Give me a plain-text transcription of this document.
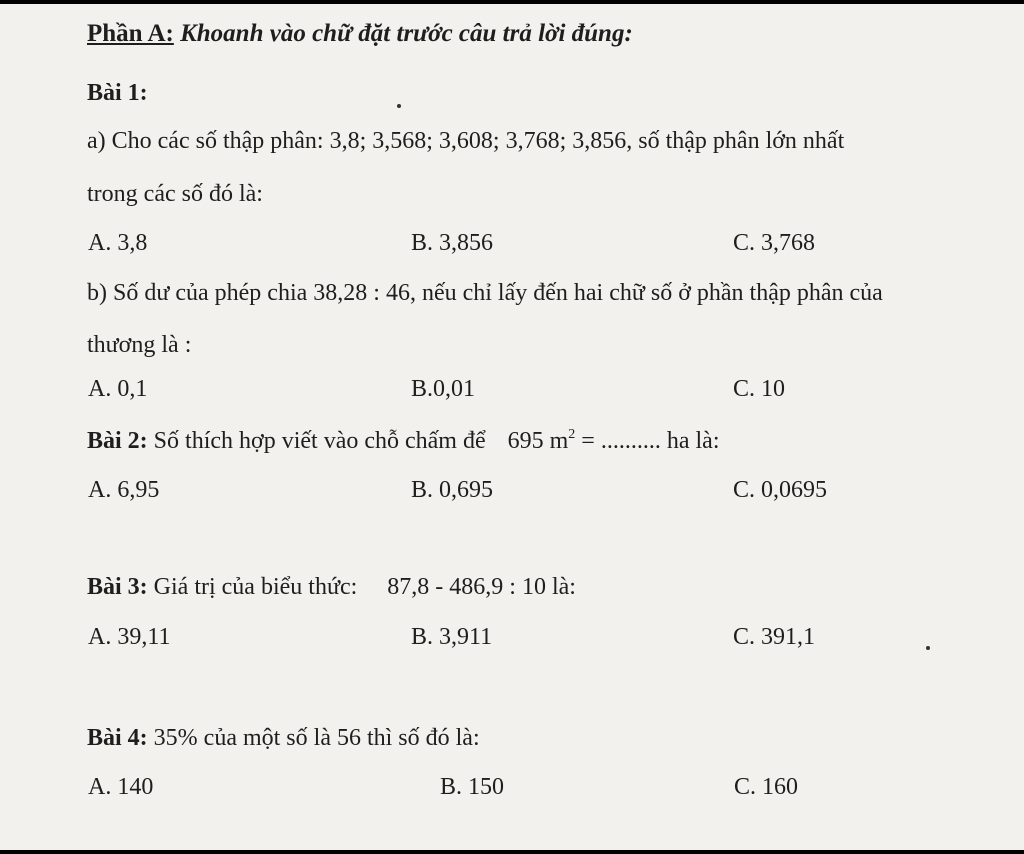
Phần A: Khoanh vào chữ đặt trước câu trả lời đúng:
Bài 1:
a) Cho các số thập phân: 3,8; 3,568; 3,608; 3,768; 3,856, số thập phân lớn nhất
trong các số đó là:
A. 3,8	B. 3,856	C. 3,768
b) Số dư của phép chia 38,28 : 46, nếu chỉ lấy đến hai chữ số ở phần thập phân của
thương là :
A. 0,1	B.0,01	C. 10
Bài 2: Số thích hợp viết vào chỗ chấm để 695 $m^2$ = .......... ha là:
A. 6,95	B. 0,695	C. 0,0695
Bài 3: Giá trị của biểu thức: 87,8 - 486,9 : 10 là:
A. 39,11	B. 3,911	C. 391,1
Bài 4: 35% của một số là 56 thì số đó là:
A. 140	B. 150	C. 160
